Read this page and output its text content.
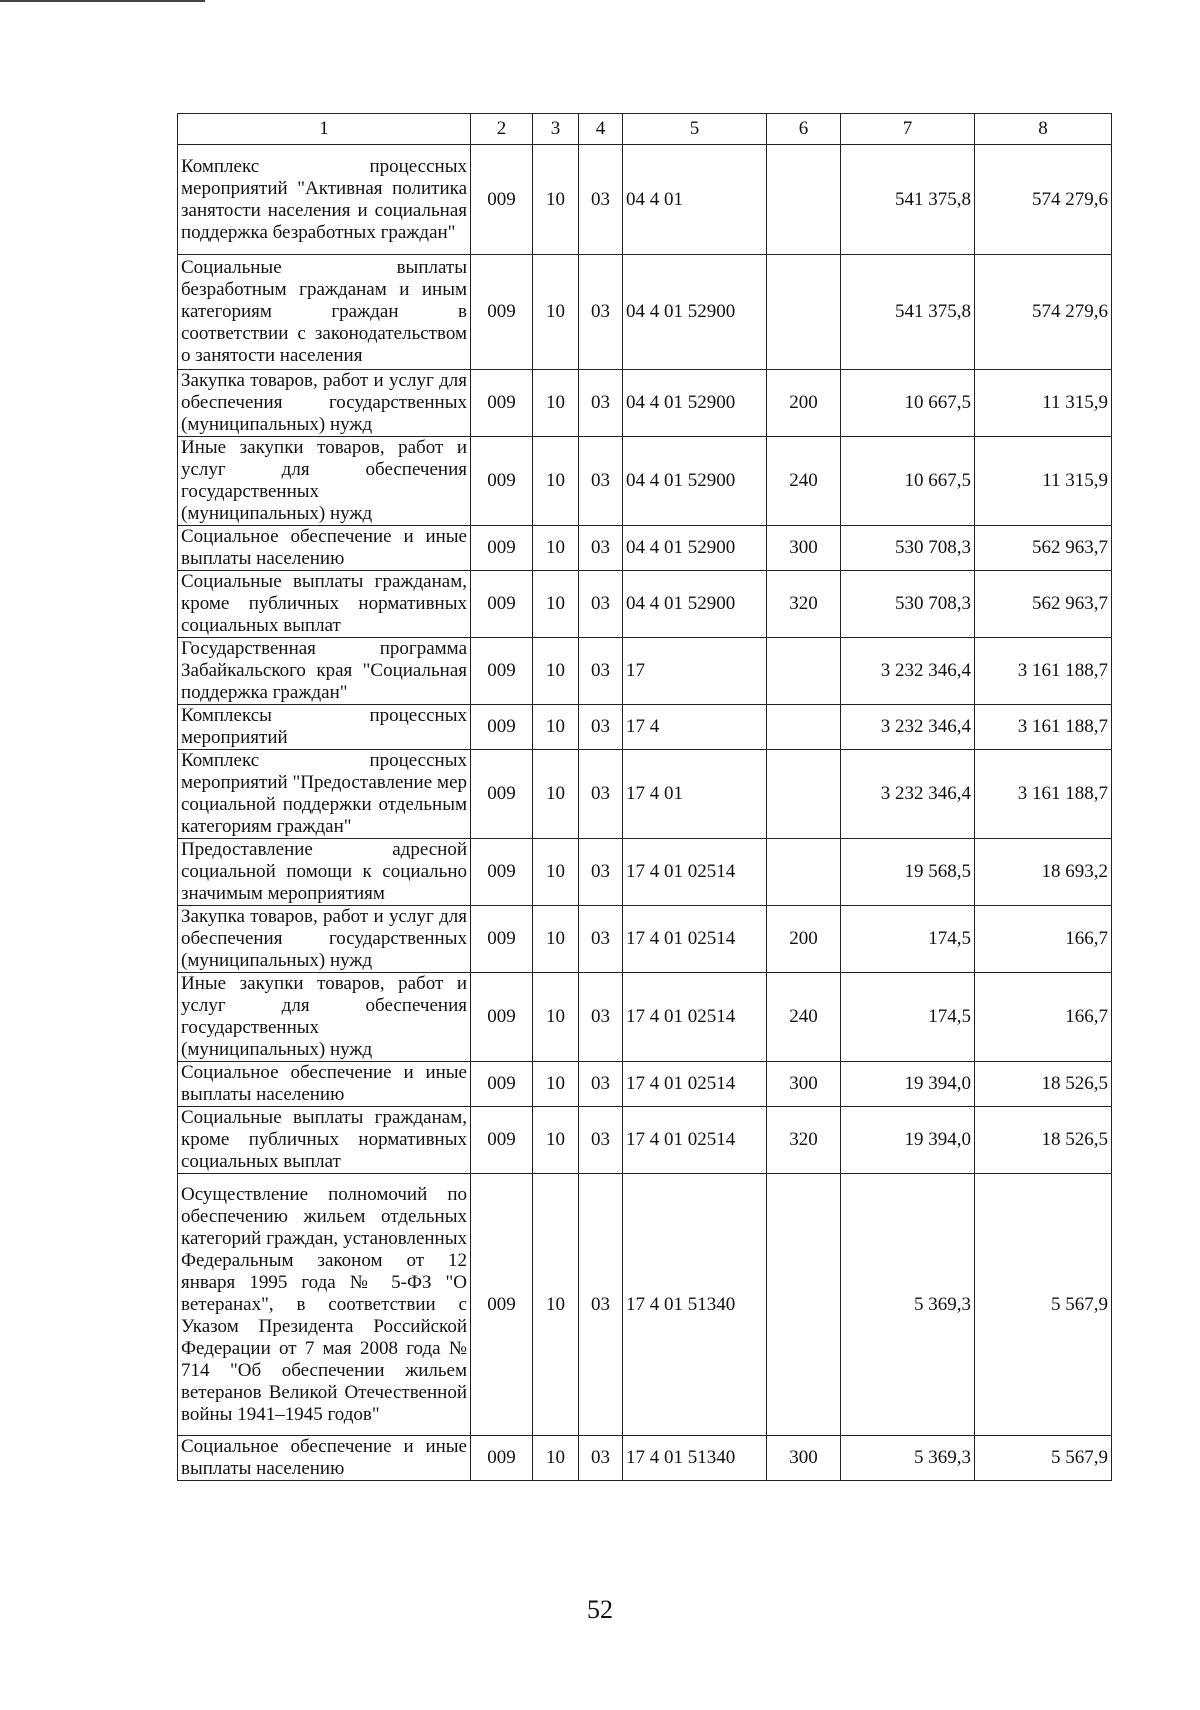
1	2	3	4	5	6	7	8
Комплекс процессных мероприятий "Активная политика занятости населения и социальная поддержка безработных граждан"	009	10	03	04 4 01		541 375,8	574 279,6
Социальные выплаты безработным гражданам и иным категориям граждан в соответствии с законодательством о занятости населения	009	10	03	04 4 01 52900		541 375,8	574 279,6
Закупка товаров, работ и услуг для обеспечения государственных (муниципальных) нужд	009	10	03	04 4 01 52900	200	10 667,5	11 315,9
Иные закупки товаров, работ и услуг для обеспечения государственных (муниципальных) нужд	009	10	03	04 4 01 52900	240	10 667,5	11 315,9
Социальное обеспечение и иные выплаты населению	009	10	03	04 4 01 52900	300	530 708,3	562 963,7
Социальные выплаты гражданам, кроме публичных нормативных социальных выплат	009	10	03	04 4 01 52900	320	530 708,3	562 963,7
Государственная программа Забайкальского края "Социальная поддержка граждан"	009	10	03	17		3 232 346,4	3 161 188,7
Комплексы процессных мероприятий	009	10	03	17 4		3 232 346,4	3 161 188,7
Комплекс процессных мероприятий "Предоставление мер социальной поддержки отдельным категориям граждан"	009	10	03	17 4 01		3 232 346,4	3 161 188,7
Предоставление адресной социальной помощи к социально значимым мероприятиям	009	10	03	17 4 01 02514		19 568,5	18 693,2
Закупка товаров, работ и услуг для обеспечения государственных (муниципальных) нужд	009	10	03	17 4 01 02514	200	174,5	166,7
Иные закупки товаров, работ и услуг для обеспечения государственных (муниципальных) нужд	009	10	03	17 4 01 02514	240	174,5	166,7
Социальное обеспечение и иные выплаты населению	009	10	03	17 4 01 02514	300	19 394,0	18 526,5
Социальные выплаты гражданам, кроме публичных нормативных социальных выплат	009	10	03	17 4 01 02514	320	19 394,0	18 526,5
Осуществление полномочий по обеспечению жильем отдельных категорий граждан, установленных Федеральным законом от 12 января 1995 года № 5-ФЗ "О ветеранах", в соответствии с Указом Президента Российской Федерации от 7 мая 2008 года № 714 "Об обеспечении жильем ветеранов Великой Отечественной войны 1941–1945 годов"	009	10	03	17 4 01 51340		5 369,3	5 567,9
Социальное обеспечение и иные выплаты населению	009	10	03	17 4 01 51340	300	5 369,3	5 567,9
52
